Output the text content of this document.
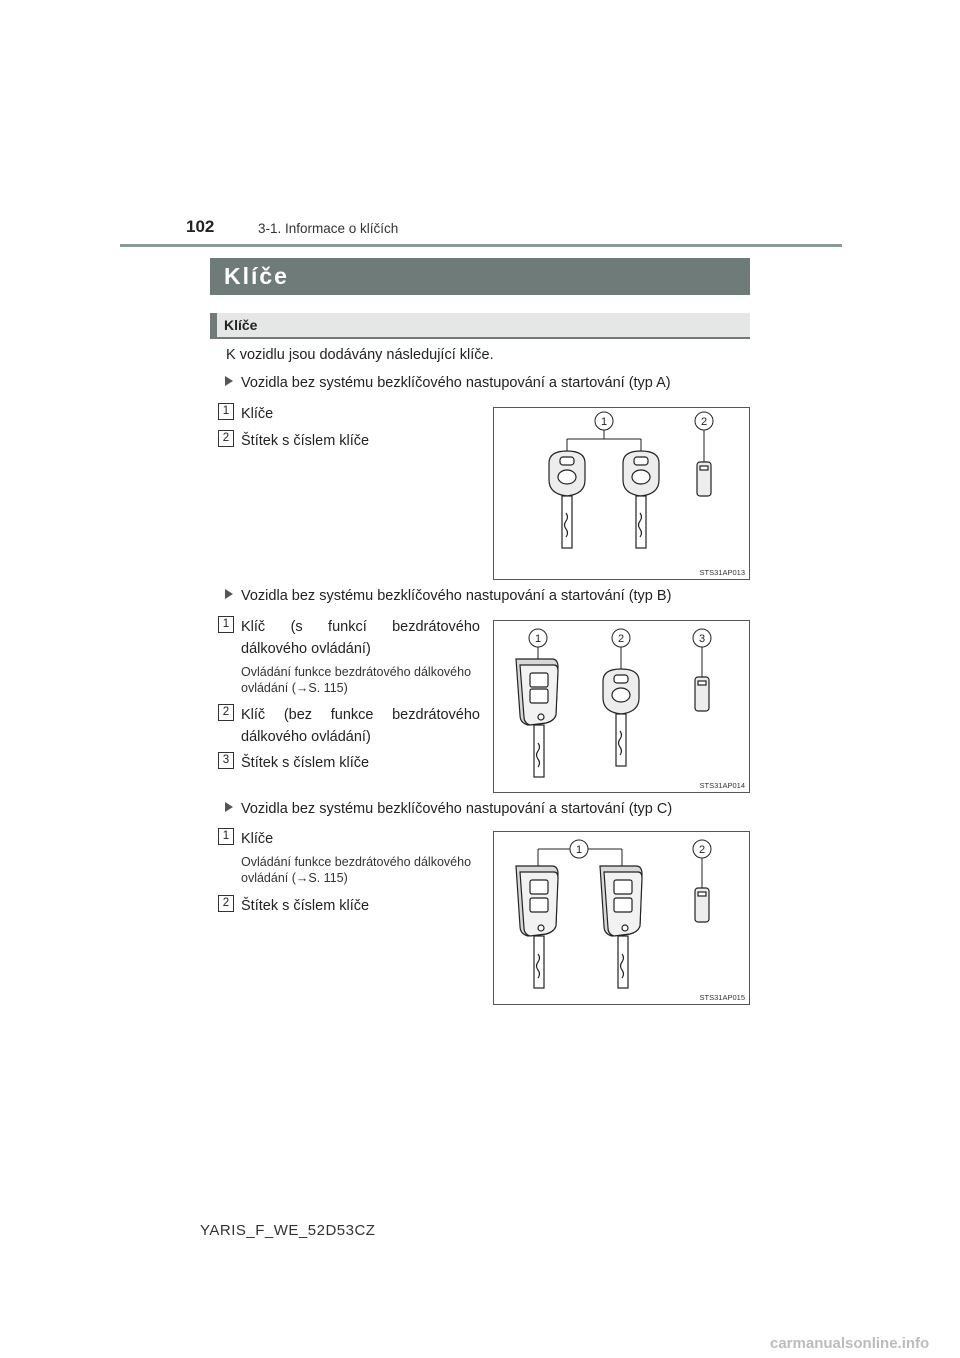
102	3-1. Informace o klíčích
Klíče
Klíče
K vozidlu jsou dodávány následující klíče.
Vozidla bez systému bezklíčového nastupování a startování (typ A)
1 Klíče
2 Štítek s číslem klíče
1	2
STS31AP013
Vozidla bez systému bezklíčového nastupování a startování (typ B)
1 Klíč (s funkcí bezdrátového dálkového ovládání)
Ovládání funkce bezdrátového dálkového ovládání (→S. 115)
2 Klíč (bez funkce bezdrátového dálkového ovládání)
3 Štítek s číslem klíče
1	2	3
STS31AP014
Vozidla bez systému bezklíčového nastupování a startování (typ C)
1 Klíče
Ovládání funkce bezdrátového dálkového ovládání (→S. 115)
2 Štítek s číslem klíče
1	2
STS31AP015
YARIS_F_WE_52D53CZ
carmanualsonline.info
